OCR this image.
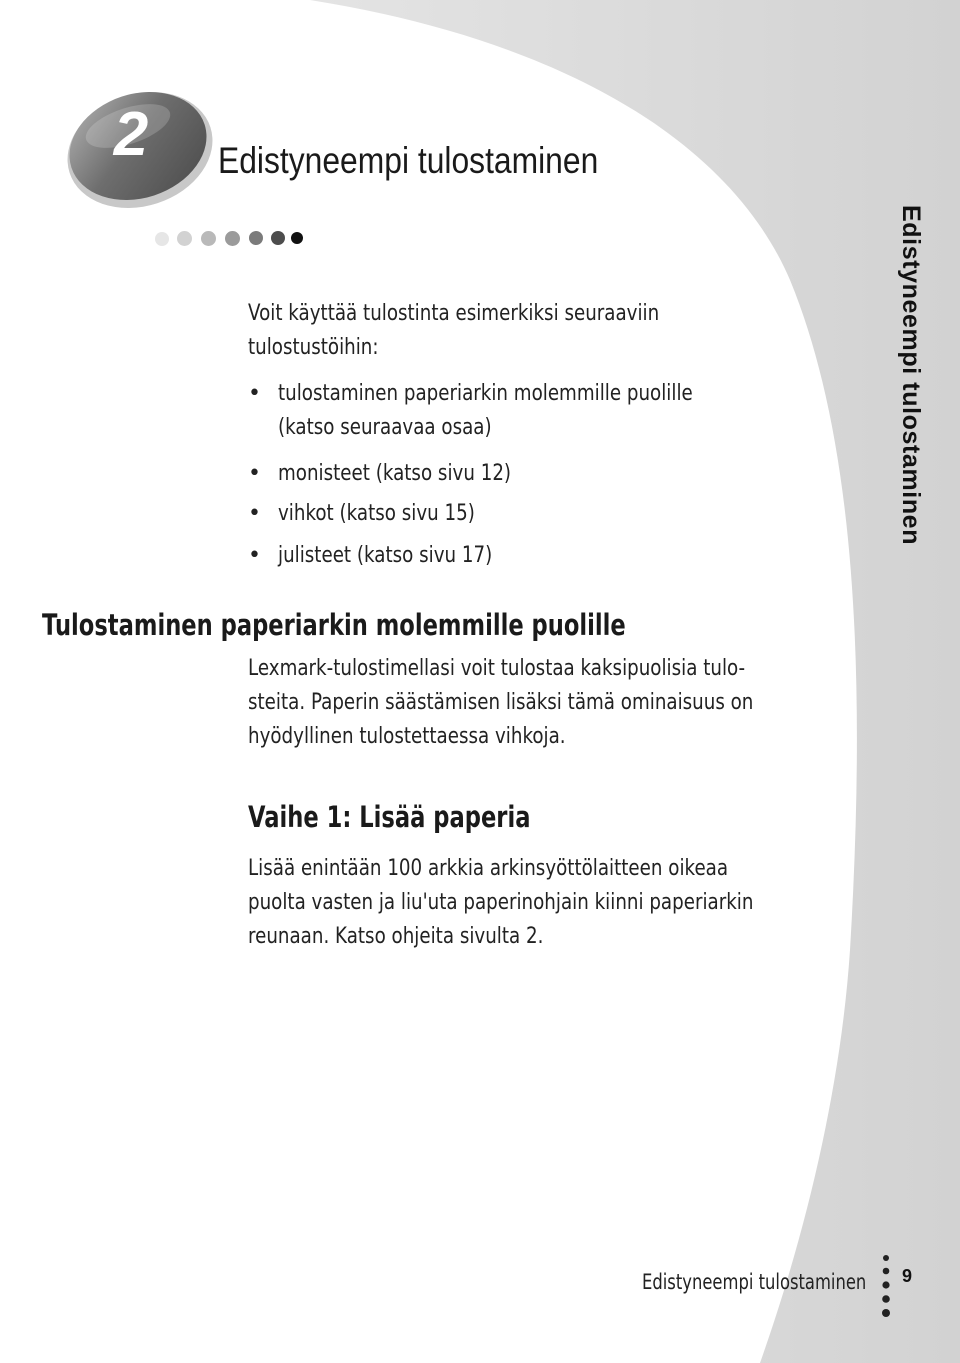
2	Edistyneempi tulostaminen
Edistyneempi tulostaminen
Voit käyttää tulostinta esimerkiksi seuraaviin
tulostustöihin:
• tulostaminen paperiarkin molemmille puolille
(katso seuraavaa osaa)
• monisteet (katso sivu 12)
• vihkot (katso sivu 15)
• julisteet (katso sivu 17)
Tulostaminen paperiarkin molemmille puolille
Lexmark-tulostimellasi voit tulostaa kaksipuolisia tulo-
steita. Paperin säästämisen lisäksi tämä ominaisuus on
hyödyllinen tulostettaessa vihkoja.
Vaihe 1: Lisää paperia
Lisää enintään 100 arkkia arkinsyöttölaitteen oikeaa
puolta vasten ja liu'uta paperinohjain kiinni paperiarkin
reunaan. Katso ohjeita sivulta 2.
Edistyneempi tulostaminen 9
